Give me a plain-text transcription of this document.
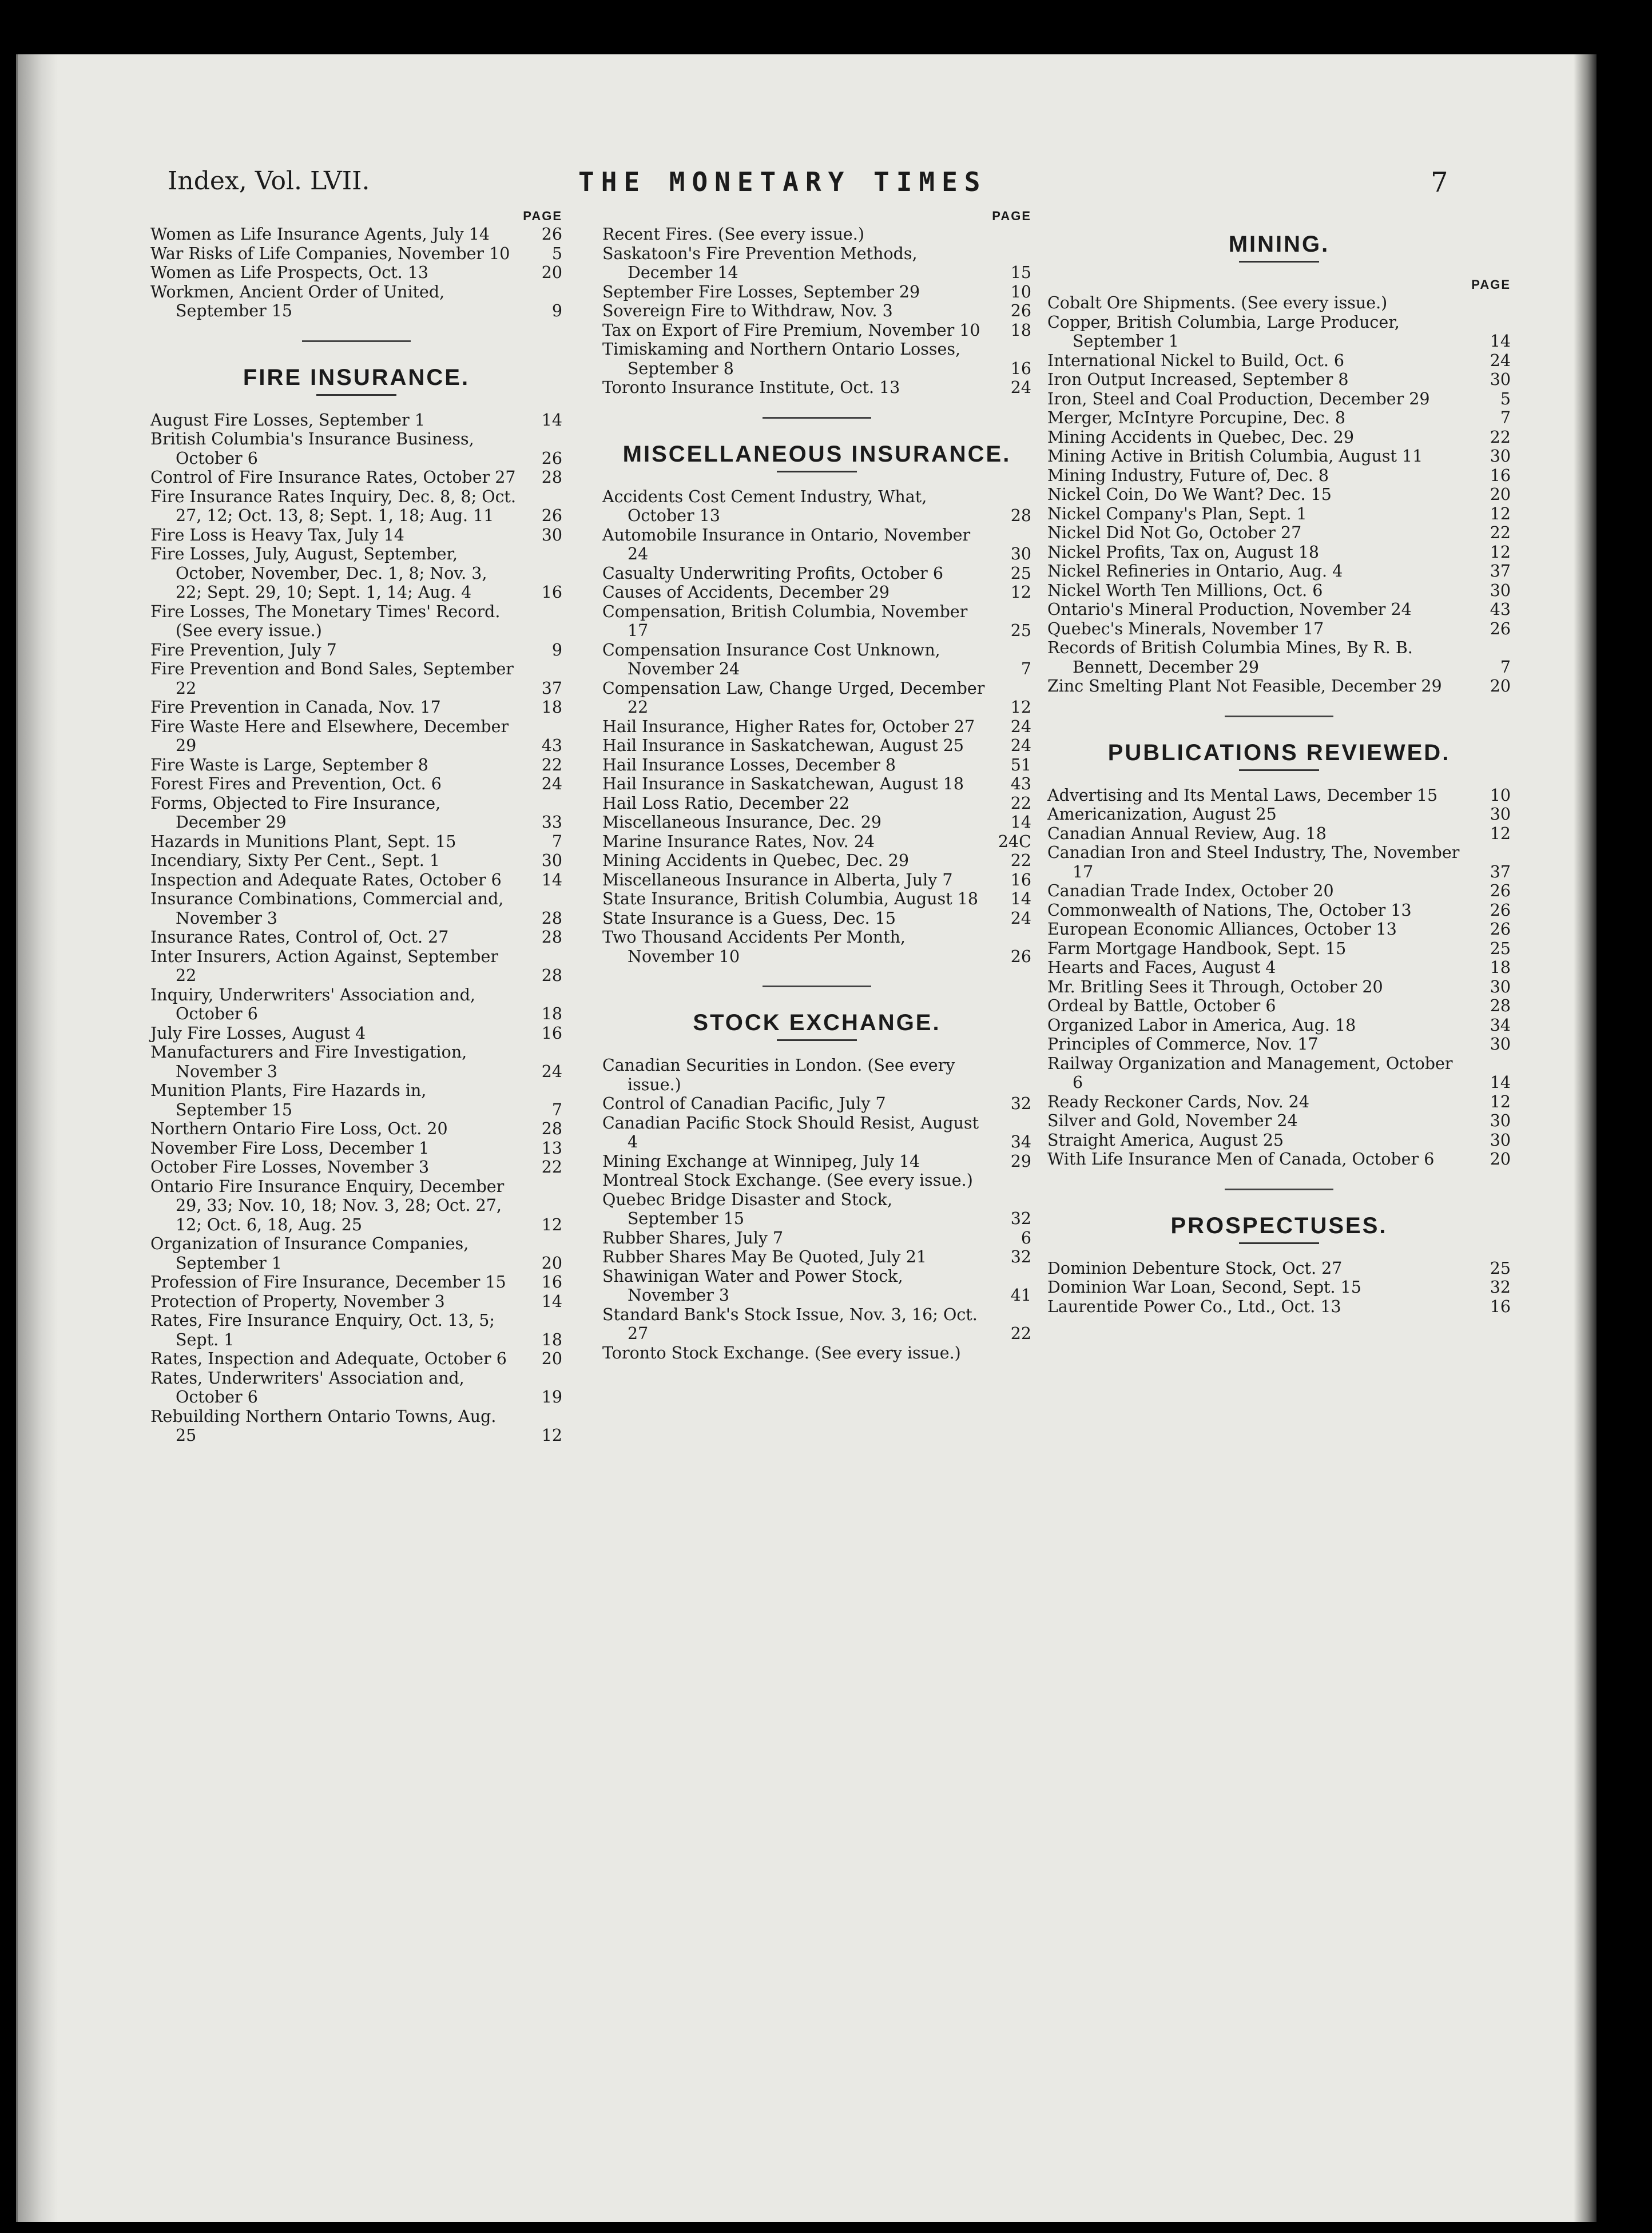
Index, Vol. LVII.	THE MONETARY TIMES	7
PAGE
Women as Life Insurance Agents, July 14	26
War Risks of Life Companies, November 10	5
Women as Life Prospects, Oct. 13	20
Workmen, Ancient Order of United, September 15	9
FIRE INSURANCE.
August Fire Losses, September 1	14
British Columbia's Insurance Business, October 6	26
Control of Fire Insurance Rates, October 27	28
Fire Insurance Rates Inquiry, Dec. 8, 8; Oct. 27, 12; Oct. 13, 8; Sept. 1, 18; Aug. 11	26
Fire Loss is Heavy Tax, July 14	30
Fire Losses, July, August, September, October, November, Dec. 1, 8; Nov. 3, 22; Sept. 29, 10; Sept. 1, 14; Aug. 4	16
Fire Losses, The Monetary Times' Record. (See every issue.)
Fire Prevention, July 7	9
Fire Prevention and Bond Sales, September 22	37
Fire Prevention in Canada, Nov. 17	18
Fire Waste Here and Elsewhere, December 29	43
Fire Waste is Large, September 8	22
Forest Fires and Prevention, Oct. 6	24
Forms, Objected to Fire Insurance, December 29	33
Hazards in Munitions Plant, Sept. 15	7
Incendiary, Sixty Per Cent., Sept. 1	30
Inspection and Adequate Rates, October 6	14
Insurance Combinations, Commercial and, November 3	28
Insurance Rates, Control of, Oct. 27	28
Inter Insurers, Action Against, September 22	28
Inquiry, Underwriters' Association and, October 6	18
July Fire Losses, August 4	16
Manufacturers and Fire Investigation, November 3	24
Munition Plants, Fire Hazards in, September 15	7
Northern Ontario Fire Loss, Oct. 20	28
November Fire Loss, December 1	13
October Fire Losses, November 3	22
Ontario Fire Insurance Enquiry, December 29, 33; Nov. 10, 18; Nov. 3, 28; Oct. 27, 12; Oct. 6, 18, Aug. 25	12
Organization of Insurance Companies, September 1	20
Profession of Fire Insurance, December 15	16
Protection of Property, November 3	14
Rates, Fire Insurance Enquiry, Oct. 13, 5; Sept. 1	18
Rates, Inspection and Adequate, October 6	20
Rates, Underwriters' Association and, October 6	19
Rebuilding Northern Ontario Towns, Aug. 25	12
PAGE
Recent Fires. (See every issue.)
Saskatoon's Fire Prevention Methods, December 14	15
September Fire Losses, September 29	10
Sovereign Fire to Withdraw, Nov. 3	26
Tax on Export of Fire Premium, November 10	18
Timiskaming and Northern Ontario Losses, September 8	16
Toronto Insurance Institute, Oct. 13	24
MISCELLANEOUS INSURANCE.
Accidents Cost Cement Industry, What, October 13	28
Automobile Insurance in Ontario, November 24	30
Casualty Underwriting Profits, October 6	25
Causes of Accidents, December 29	12
Compensation, British Columbia, November 17	25
Compensation Insurance Cost Unknown, November 24	7
Compensation Law, Change Urged, December 22	12
Hail Insurance, Higher Rates for, October 27	24
Hail Insurance in Saskatchewan, August 25	24
Hail Insurance Losses, December 8	51
Hail Insurance in Saskatchewan, August 18	43
Hail Loss Ratio, December 22	22
Miscellaneous Insurance, Dec. 29	14
Marine Insurance Rates, Nov. 24	24C
Mining Accidents in Quebec, Dec. 29	22
Miscellaneous Insurance in Alberta, July 7	16
State Insurance, British Columbia, August 18	14
State Insurance is a Guess, Dec. 15	24
Two Thousand Accidents Per Month, November 10	26
STOCK EXCHANGE.
Canadian Securities in London. (See every issue.)
Control of Canadian Pacific, July 7	32
Canadian Pacific Stock Should Resist, August 4	34
Mining Exchange at Winnipeg, July 14	29
Montreal Stock Exchange. (See every issue.)
Quebec Bridge Disaster and Stock, September 15	32
Rubber Shares, July 7	6
Rubber Shares May Be Quoted, July 21	32
Shawinigan Water and Power Stock, November 3	41
Standard Bank's Stock Issue, Nov. 3, 16; Oct. 27	22
Toronto Stock Exchange. (See every issue.)
MINING.
PAGE
Cobalt Ore Shipments. (See every issue.)
Copper, British Columbia, Large Producer, September 1	14
International Nickel to Build, Oct. 6	24
Iron Output Increased, September 8	30
Iron, Steel and Coal Production, December 29	5
Merger, McIntyre Porcupine, Dec. 8	7
Mining Accidents in Quebec, Dec. 29	22
Mining Active in British Columbia, August 11	30
Mining Industry, Future of, Dec. 8	16
Nickel Coin, Do We Want? Dec. 15	20
Nickel Company's Plan, Sept. 1	12
Nickel Did Not Go, October 27	22
Nickel Profits, Tax on, August 18	12
Nickel Refineries in Ontario, Aug. 4	37
Nickel Worth Ten Millions, Oct. 6	30
Ontario's Mineral Production, November 24	43
Quebec's Minerals, November 17	26
Records of British Columbia Mines, By R. B. Bennett, December 29	7
Zinc Smelting Plant Not Feasible, December 29	20
PUBLICATIONS REVIEWED.
Advertising and Its Mental Laws, December 15	10
Americanization, August 25	30
Canadian Annual Review, Aug. 18	12
Canadian Iron and Steel Industry, The, November 17	37
Canadian Trade Index, October 20	26
Commonwealth of Nations, The, October 13	26
European Economic Alliances, October 13	26
Farm Mortgage Handbook, Sept. 15	25
Hearts and Faces, August 4	18
Mr. Britling Sees it Through, October 20	30
Ordeal by Battle, October 6	28
Organized Labor in America, Aug. 18	34
Principles of Commerce, Nov. 17	30
Railway Organization and Management, October 6	14
Ready Reckoner Cards, Nov. 24	12
Silver and Gold, November 24	30
Straight America, August 25	30
With Life Insurance Men of Canada, October 6	20
PROSPECTUSES.
Dominion Debenture Stock, Oct. 27	25
Dominion War Loan, Second, Sept. 15	32
Laurentide Power Co., Ltd., Oct. 13	16
